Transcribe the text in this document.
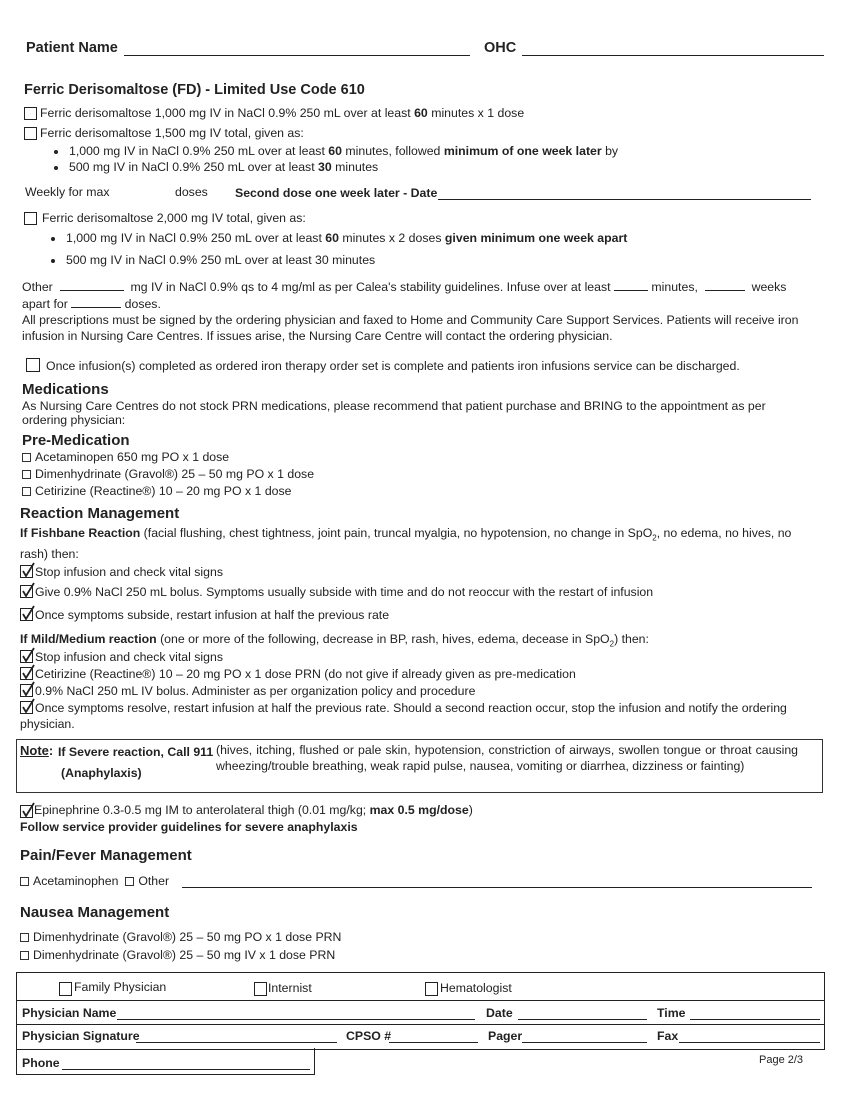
Patient Name	OHC
Ferric Derisomaltose (FD) - Limited Use Code 610
Ferric derisomaltose 1,000 mg IV in NaCl 0.9% 250 mL over at least 60 minutes x 1 dose
Ferric derisomaltose 1,500 mg IV total, given as:
1,000 mg IV in NaCl 0.9% 250 mL over at least 60 minutes, followed minimum of one week later by
500 mg IV in NaCl 0.9% 250 mL over at least 30 minutes
Weekly for max	doses Second dose one week later - Date
Ferric derisomaltose 2,000 mg IV total, given as:
1,000 mg IV in NaCl 0.9% 250 mL over at least 60 minutes x 2 doses given minimum one week apart
500 mg IV in NaCl 0.9% 250 mL over at least 30 minutes
Other	mg IV in NaCl 0.9% qs to 4 mg/ml as per Calea's stability guidelines. Infuse over at least	minutes,	weeks
apart for	doses.
All prescriptions must be signed by the ordering physician and faxed to Home and Community Care Support Services. Patients will receive iron infusion in Nursing Care Centres. If issues arise, the Nursing Care Centre will contact the ordering physician.
Once infusion(s) completed as ordered iron therapy order set is complete and patients iron infusions service can be discharged.
Medications
As Nursing Care Centres do not stock PRN medications, please recommend that patient purchase and BRING to the appointment as per ordering physician:
Pre-Medication
Acetaminopen 650 mg PO x 1 dose
Dimenhydrinate (Gravol®) 25 – 50 mg PO x 1 dose
Cetirizine (Reactine®) 10 – 20 mg PO x 1 dose
Reaction Management
If Fishbane Reaction (facial flushing, chest tightness, joint pain, truncal myalgia, no hypotension, no change in SpO$_2$, no edema, no hives, no rash) then:
Stop infusion and check vital signs
Give 0.9% NaCl 250 mL bolus. Symptoms usually subside with time and do not reoccur with the restart of infusion
Once symptoms subside, restart infusion at half the previous rate
If Mild/Medium reaction (one or more of the following, decrease in BP, rash, hives, edema, decease in SpO$_2$) then:
Stop infusion and check vital signs
Cetirizine (Reactine®) 10 – 20 mg PO x 1 dose PRN (do not give if already given as pre-medication
0.9% NaCl 250 mL IV bolus. Administer as per organization policy and procedure
Once symptoms resolve, restart infusion at half the previous rate. Should a second reaction occur, stop the infusion and notify the ordering physician.
Note: If Severe reaction, Call 911
(Anaphylaxis)
(hives, itching, flushed or pale skin, hypotension, constriction of airways, swollen tongue or throat causing wheezing/trouble breathing, weak rapid pulse, nausea, vomiting or diarrhea, dizziness or fainting)
Epinephrine 0.3-0.5 mg IM to anterolateral thigh (0.01 mg/kg; max 0.5 mg/dose)
Follow service provider guidelines for severe anaphylaxis
Pain/Fever Management
Acetaminophen Other
Nausea Management
Dimenhydrinate (Gravol®) 25 – 50 mg PO x 1 dose PRN
Dimenhydrinate (Gravol®) 25 – 50 mg IV x 1 dose PRN
Family Physician	Internist	Hematologist
Physician Name	Date	Time
Physician Signature	CPSO #	Pager	Fax
Phone	Page 2/3
